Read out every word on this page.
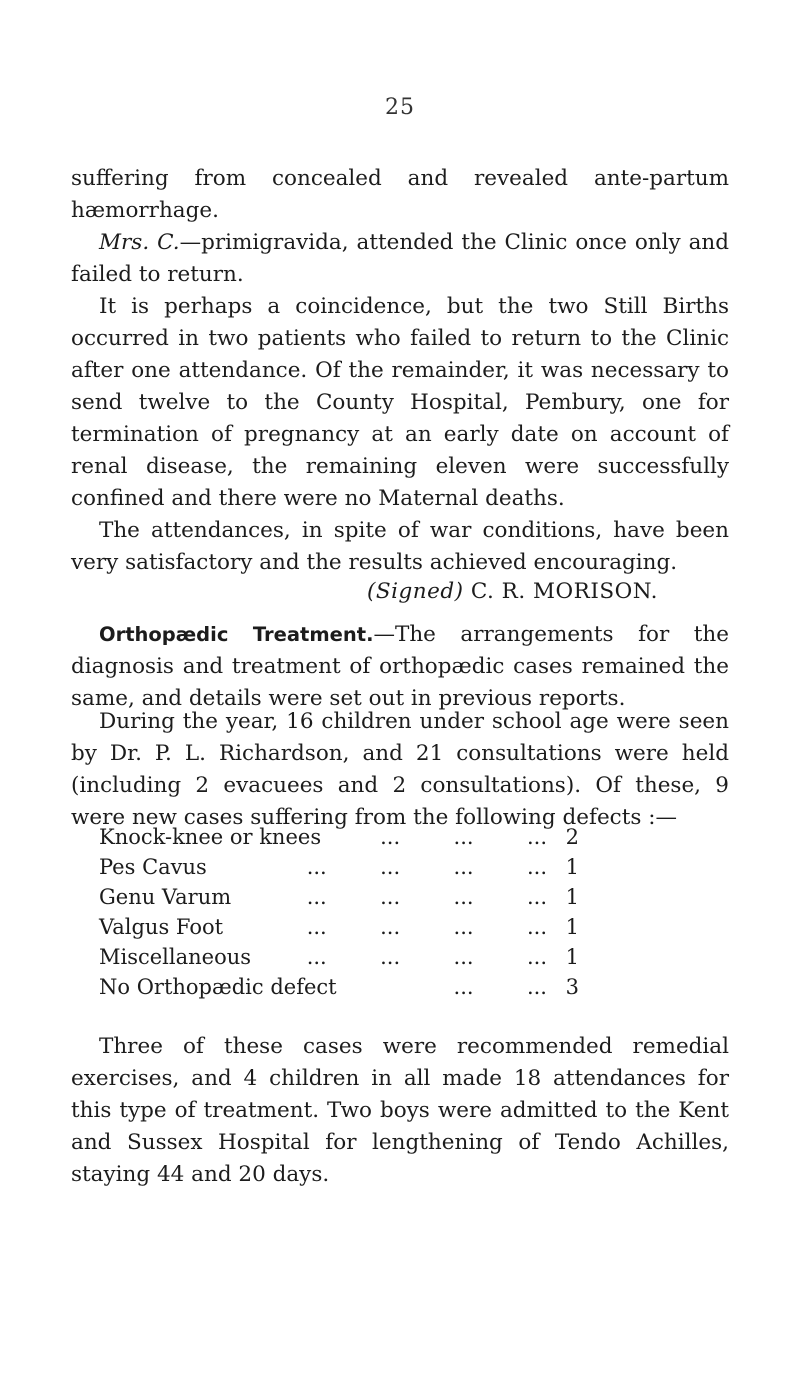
25

suffering from concealed and revealed ante-partum hæmorrhage.

Mrs. C.—primigravida, attended the Clinic once only and failed to return.

It is perhaps a coincidence, but the two Still Births occurred in two patients who failed to return to the Clinic after one attendance. Of the remainder, it was necessary to send twelve to the County Hospital, Pembury, one for termination of pregnancy at an early date on account of renal disease, the remaining eleven were successfully confined and there were no Maternal deaths.

The attendances, in spite of war conditions, have been very satisfactory and the results achieved encouraging.

(Signed) C. R. MORISON.

Orthopædic Treatment.—The arrangements for the diagnosis and treatment of orthopædic cases remained the same, and details were set out in previous reports.

During the year, 16 children under school age were seen by Dr. P. L. Richardson, and 21 consultations were held (including 2 evacuees and 2 consultations). Of these, 9 were new cases suffering from the following defects :—

Knock-knee or knees	...        ...        ... 2
Pes Cavus	...        ...        ...        ... 1
Genu Varum	...        ...        ...        ... 1
Valgus Foot	...        ...        ...        ... 1
Miscellaneous	...        ...        ...        ... 1
No Orthopædic defect	...        ... 3

Three of these cases were recommended remedial exercises, and 4 children in all made 18 attendances for this type of treatment. Two boys were admitted to the Kent and Sussex Hospital for lengthening of Tendo Achilles, staying 44 and 20 days.
